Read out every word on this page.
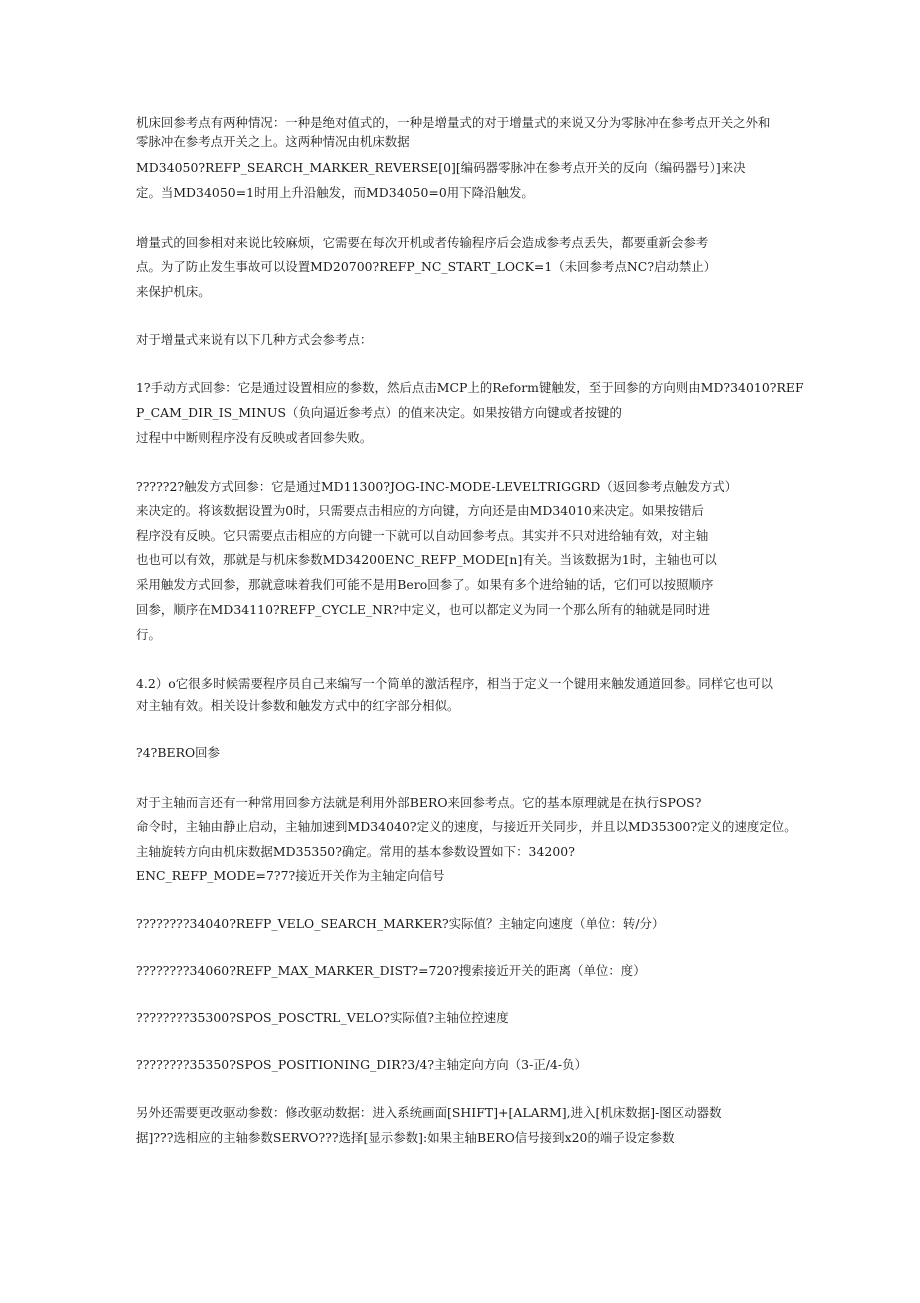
机床回参考点有两种情况：一种是绝对值式的，一种是增量式的对于增量式的来说又分为零脉冲在参考点开关之外和

零脉冲在参考点开关之上。这两种情况由机床数据

MD34050?REFP_SEARCH_MARKER_REVERSE[0][编码器零脉冲在参考点开关的反向（编码器号）]来决

定。当MD34050=1时用上升沿触发，而MD34050=0用下降沿触发。

增量式的回参相对来说比较麻烦，它需要在每次开机或者传输程序后会造成参考点丢失，都要重新会参考

点。为了防止发生事故可以设置MD20700?REFP_NC_START_LOCK=1（未回参考点NC?启动禁止）

来保护机床。

对于增量式来说有以下几种方式会参考点：

1?手动方式回参：它是通过设置相应的参数，然后点击MCP上的Reform键触发，至于回参的方向则由MD?34010?REF

P_CAM_DIR_IS_MINUS（负向逼近参考点）的值来决定。如果按错方向键或者按键的

过程中中断则程序没有反映或者回参失败。

?????2?触发方式回参：它是通过MD11300?JOG-INC-MODE-LEVELTRIGGRD（返回参考点触发方式）

来决定的。将该数据设置为0时，只需要点击相应的方向键，方向还是由MD34010来决定。如果按错后

程序没有反映。它只需要点击相应的方向键一下就可以自动回参考点。其实并不只对进给轴有效，对主轴

也也可以有效，那就是与机床参数MD34200ENC_REFP_MODE[n]有关。当该数据为1时，主轴也可以

采用触发方式回参，那就意味着我们可能不是用Bero回参了。如果有多个进给轴的话，它们可以按照顺序

回参，顺序在MD34110?REFP_CYCLE_NR?中定义，也可以都定义为同一个那么所有的轴就是同时进

行。

4.2）o它很多时候需要程序员自己来编写一个简单的激活程序，相当于定义一个键用来触发通道回参。同样它也可以

对主轴有效。相关设计参数和触发方式中的红字部分相似。

?4?BERO回参

对于主轴而言还有一种常用回参方法就是利用外部BERO来回参考点。它的基本原理就是在执行SPOS?

命令时，主轴由静止启动，主轴加速到MD34040?定义的速度，与接近开关同步，并且以MD35300?定义的速度定位。

主轴旋转方向由机床数据MD35350?确定。常用的基本参数设置如下：34200?

ENC_REFP_MODE=7?7?接近开关作为主轴定向信号

????????34040?REFP_VELO_SEARCH_MARKER?实际值？主轴定向速度（单位：转/分）

????????34060?REFP_MAX_MARKER_DIST?=720?搜索接近开关的距离（单位：度）

????????35300?SPOS_POSCTRL_VELO?实际值?主轴位控速度

????????35350?SPOS_POSITIONING_DIR?3/4?主轴定向方向（3-正/4-负）

另外还需要更改驱动参数：修改驱动数据：进入系统画面[SHIFT]+[ALARM],进入[机床数据]-图区动器数

据]???选相应的主轴参数SERVO???选择[显示参数]:如果主轴BERO信号接到x20的端子设定参数
